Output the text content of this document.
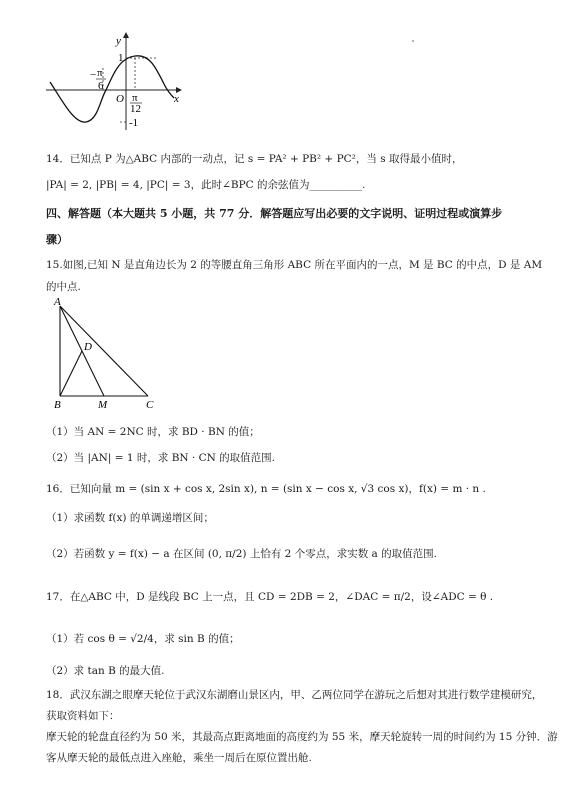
y
x
O
1
-1
− π
6
π
12
14．已知点 P 为△ABC 内部的一动点，记 s = PA² + PB² + PC²，当 s 取得最小值时，
|PA| = 2, |PB| = 4, |PC| = 3，此时∠BPC 的余弦值为__________.
四、解答题（本大题共 5 小题，共 77 分．解答题应写出必要的文字说明、证明过程或演算步
骤）
15.如图,已知 N 是直角边长为 2 的等腰直角三角形 ABC 所在平面内的一点，M 是 BC 的中点，D 是 AM
的中点.
A
B	C
D
M
（1）当 AN = 2NC 时，求 BD · BN 的值；
（2）当 |AN| = 1 时，求 BN · CN 的取值范围.
16．已知向量 m = (sin x + cos x, 2sin x), n = (sin x − cos x, √3 cos x)，f(x) = m · n .
（1）求函数 f(x) 的单调递增区间；
（2）若函数 y = f(x) − a 在区间 (0, π/2) 上恰有 2 个零点，求实数 a 的取值范围.
17．在△ABC 中，D 是线段 BC 上一点，且 CD = 2DB = 2，∠DAC = π/2，设∠ADC = θ .
（1）若 cos θ = √2/4，求 sin B 的值；
（2）求 tan B 的最大值.
18．武汉东湖之眼摩天轮位于武汉东湖磨山景区内，甲、乙两位同学在游玩之后想对其进行数学建模研究，
获取资料如下：
摩天轮的轮盘直径约为 50 米，其最高点距离地面的高度约为 55 米，摩天轮旋转一周的时间约为 15 分钟．游
客从摩天轮的最低点进入座舱，乘坐一周后在原位置出舱.
